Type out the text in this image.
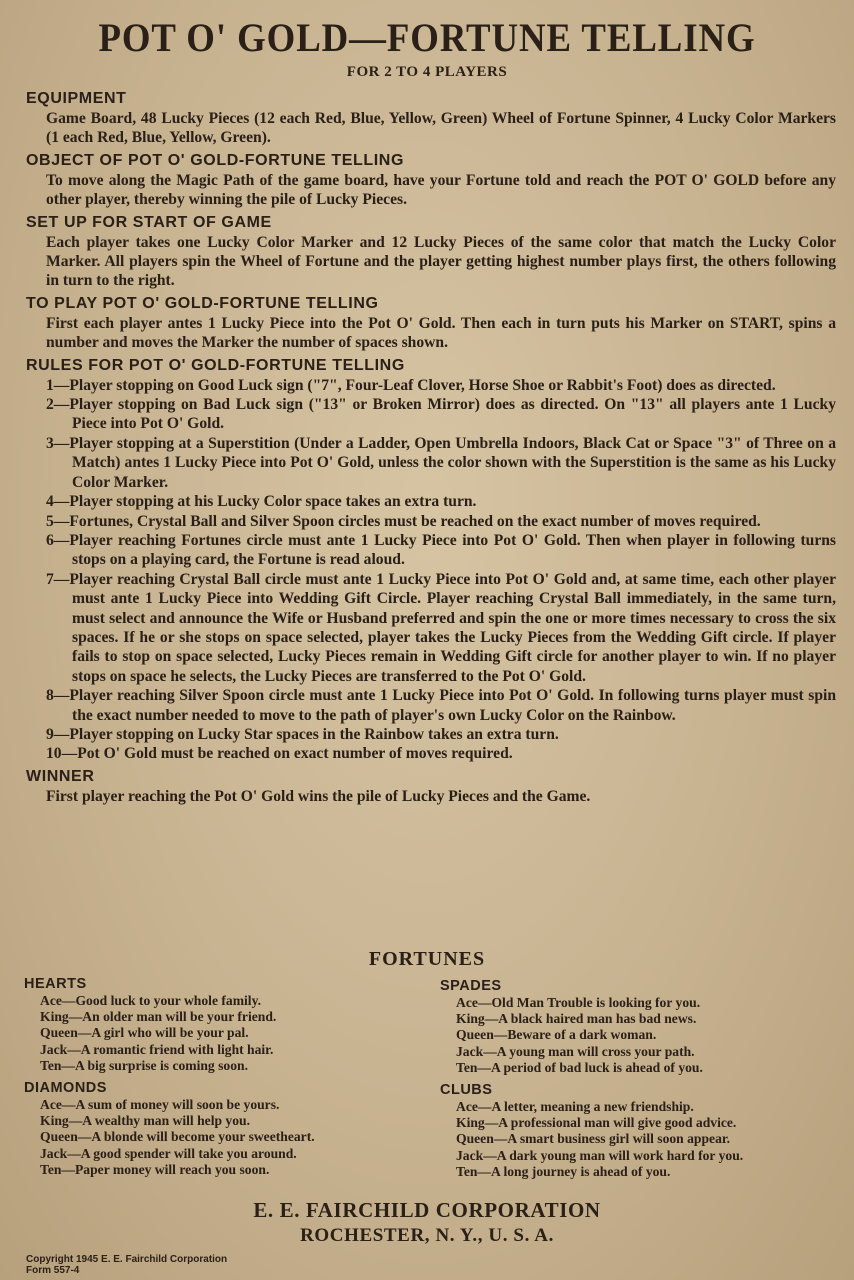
POT O' GOLD—FORTUNE TELLING
FOR 2 TO 4 PLAYERS
EQUIPMENT

Game Board, 48 Lucky Pieces (12 each Red, Blue, Yellow, Green) Wheel of Fortune Spinner, 4 Lucky Color Markers (1 each Red, Blue, Yellow, Green).

OBJECT OF POT O' GOLD-FORTUNE TELLING

To move along the Magic Path of the game board, have your Fortune told and reach the POT O' GOLD before any other player, thereby winning the pile of Lucky Pieces.

SET UP FOR START OF GAME

Each player takes one Lucky Color Marker and 12 Lucky Pieces of the same color that match the Lucky Color Marker. All players spin the Wheel of Fortune and the player getting highest number plays first, the others following in turn to the right.

TO PLAY POT O' GOLD-FORTUNE TELLING

First each player antes 1 Lucky Piece into the Pot O' Gold. Then each in turn puts his Marker on START, spins a number and moves the Marker the number of spaces shown.

RULES FOR POT O' GOLD-FORTUNE TELLING

1—Player stopping on Good Luck sign ("7", Four-Leaf Clover, Horse Shoe or Rabbit's Foot) does as directed.

2—Player stopping on Bad Luck sign ("13" or Broken Mirror) does as directed. On "13" all players ante 1 Lucky Piece into Pot O' Gold.

3—Player stopping at a Superstition (Under a Ladder, Open Umbrella Indoors, Black Cat or Space "3" of Three on a Match) antes 1 Lucky Piece into Pot O' Gold, unless the color shown with the Superstition is the same as his Lucky Color Marker.

4—Player stopping at his Lucky Color space takes an extra turn.

5—Fortunes, Crystal Ball and Silver Spoon circles must be reached on the exact number of moves required.

6—Player reaching Fortunes circle must ante 1 Lucky Piece into Pot O' Gold. Then when player in following turns stops on a playing card, the Fortune is read aloud.

7—Player reaching Crystal Ball circle must ante 1 Lucky Piece into Pot O' Gold and, at same time, each other player must ante 1 Lucky Piece into Wedding Gift Circle. Player reaching Crystal Ball immediately, in the same turn, must select and announce the Wife or Husband preferred and spin the one or more times necessary to cross the six spaces. If he or she stops on space selected, player takes the Lucky Pieces from the Wedding Gift circle. If player fails to stop on space selected, Lucky Pieces remain in Wedding Gift circle for another player to win. If no player stops on space he selects, the Lucky Pieces are transferred to the Pot O' Gold.

8—Player reaching Silver Spoon circle must ante 1 Lucky Piece into Pot O' Gold. In following turns player must spin the exact number needed to move to the path of player's own Lucky Color on the Rainbow.

9—Player stopping on Lucky Star spaces in the Rainbow takes an extra turn.

10—Pot O' Gold must be reached on exact number of moves required.

WINNER

First player reaching the Pot O' Gold wins the pile of Lucky Pieces and the Game.

FORTUNES
HEARTS
Ace—Good luck to your whole family.
King—An older man will be your friend.
Queen—A girl who will be your pal.
Jack—A romantic friend with light hair.
Ten—A big surprise is coming soon.
DIAMONDS
Ace—A sum of money will soon be yours.
King—A wealthy man will help you.
Queen—A blonde will become your sweetheart.
Jack—A good spender will take you around.
Ten—Paper money will reach you soon.
SPADES
Ace—Old Man Trouble is looking for you.
King—A black haired man has bad news.
Queen—Beware of a dark woman.
Jack—A young man will cross your path.
Ten—A period of bad luck is ahead of you.
CLUBS
Ace—A letter, meaning a new friendship.
King—A professional man will give good advice.
Queen—A smart business girl will soon appear.
Jack—A dark young man will work hard for you.
Ten—A long journey is ahead of you.
E. E. FAIRCHILD CORPORATION
ROCHESTER, N. Y., U. S. A.
Copyright 1945 E. E. Fairchild Corporation
Form 557-4
